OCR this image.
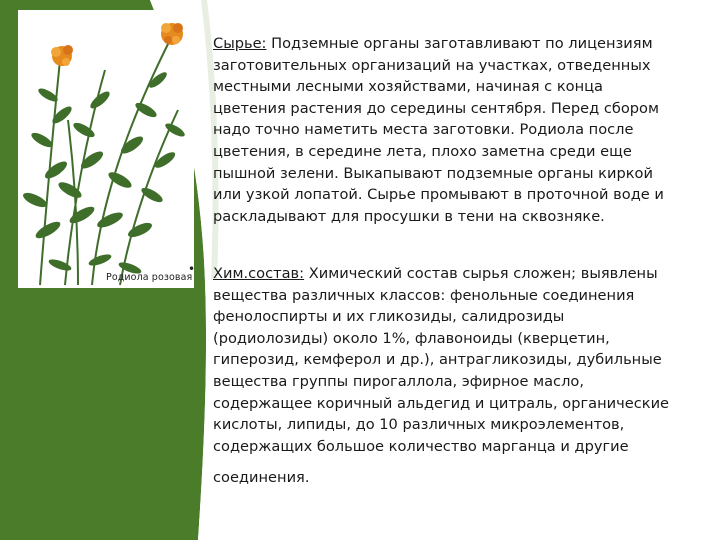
Родиола розовая
•
Сырье: Подземные органы заготавливают по лицензиям
заготовительных организаций на участках, отведенных
местными лесными хозяйствами, начиная с конца
цветения растения до середины сентября. Перед сбором
надо точно наметить места заготовки. Родиола после
цветения, в середине лета, плохо заметна среди еще
пышной зелени. Выкапывают подземные органы киркой
или узкой лопатой. Сырье промывают в проточной воде и
раскладывают для просушки в тени на сквозняке.
Хим.состав: Химический состав сырья сложен; выявлены
вещества различных классов: фенольные соединения
фенолоспирты и их гликозиды, салидрозиды
(родиолозиды) около 1%, флавоноиды (кверцетин,
гиперозид, кемферол и др.), антрагликозиды, дубильные
вещества группы пирогаллола, эфирное масло,
содержащее коричный альдегид и цитраль, органические
кислоты, липиды, до 10 различных микроэлементов,
содержащих большое количество марганца и другие
соединения.
